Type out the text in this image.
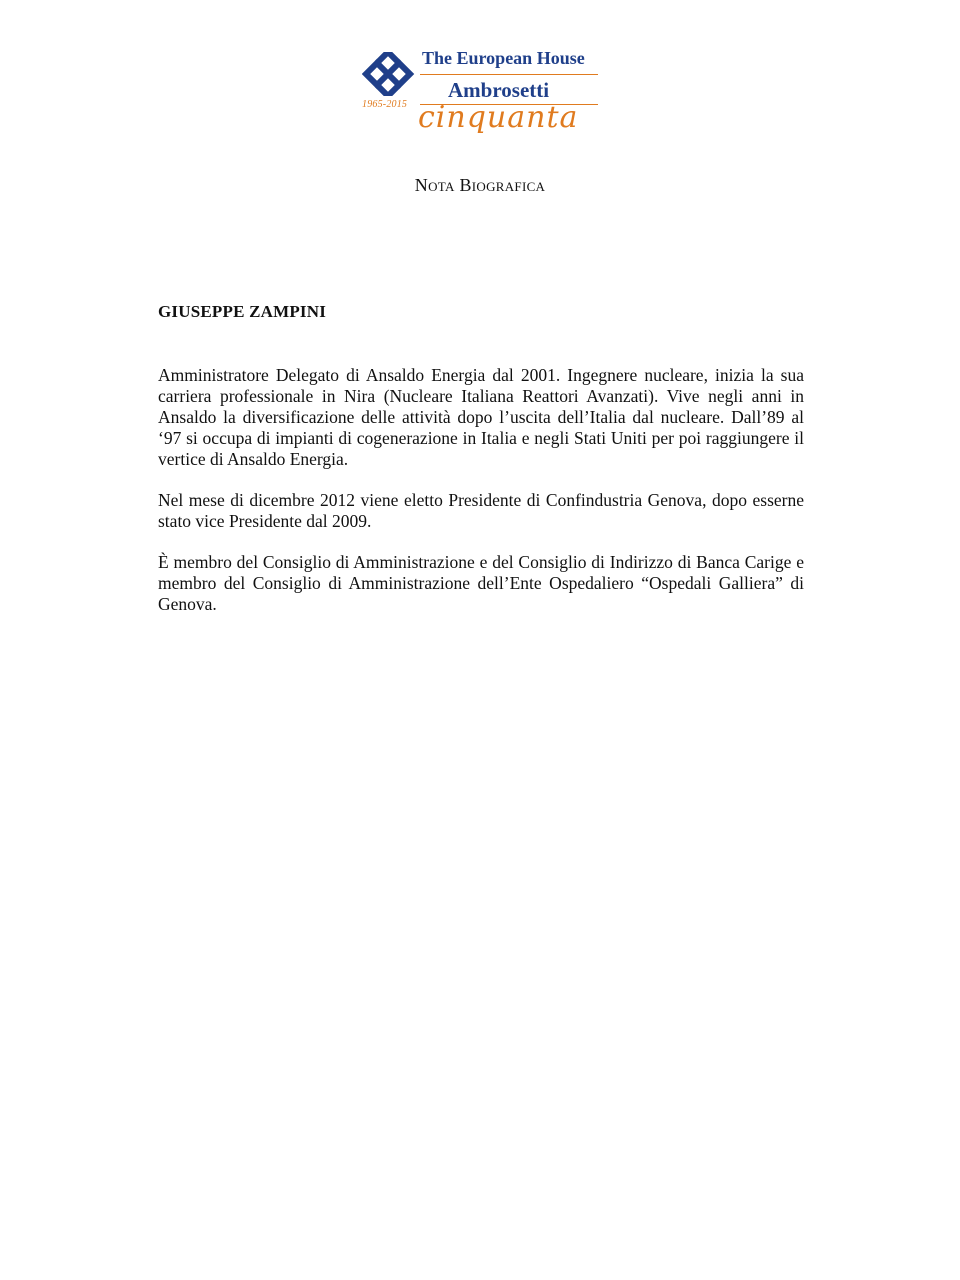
1965-2015
The European House
Ambrosetti
cinquanta
Nota Biografica
GIUSEPPE ZAMPINI

Amministratore Delegato di Ansaldo Energia dal 2001. Ingegnere nucleare, inizia la sua carriera professionale in Nira (Nucleare Italiana Reattori Avanzati). Vive negli anni in Ansaldo la diversificazione delle attività dopo l’uscita dell’Italia dal nucleare. Dall’89 al ‘97 si occupa di impianti di cogenerazione in Italia e negli Stati Uniti per poi raggiungere il vertice di Ansaldo Energia.

Nel mese di dicembre 2012 viene eletto Presidente di Confindustria Genova, dopo esserne stato vice Presidente dal 2009.

È membro del Consiglio di Amministrazione e del Consiglio di Indirizzo di Banca Carige e membro del Consiglio di Amministrazione dell’Ente Ospedaliero “Ospedali Galliera” di Genova.
